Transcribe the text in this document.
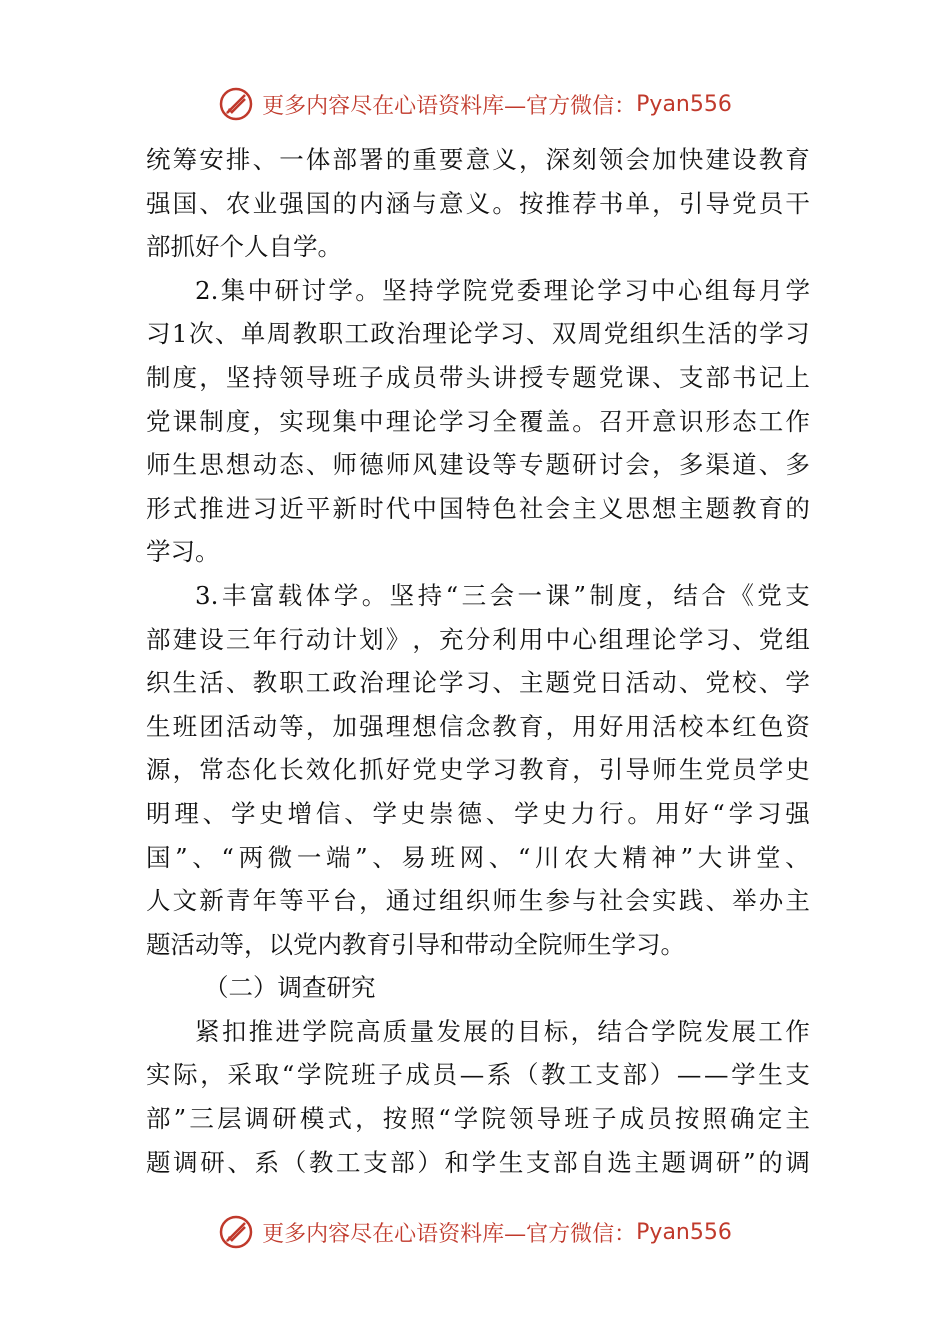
更多内容尽在心语资料库—官方微信： Pyan556
统 筹 安 排 、 一 体 部 署 的 重 要 意 义 ， 深 刻 领 会 加 快 建 设 教 育
强 国 、 农 业 强 国 的 内 涵 与 意 义 。 按 推 荐 书 单 ， 引 导 党 员 干
部抓好个人自学。
2. 集 中 研 讨 学 。 坚 持 学 院 党 委 理 论 学 习 中 心 组 每 月 学
习 1 次 、 单 周 教 职 工 政 治 理 论 学 习 、 双 周 党 组 织 生 活 的 学 习
制 度 ， 坚 持 领 导 班 子 成 员 带 头 讲 授 专 题 党 课 、 支 部 书 记 上
党 课 制 度 ， 实 现 集 中 理 论 学 习 全 覆 盖 。 召 开 意 识 形 态 工 作
师 生 思 想 动 态 、 师 德 师 风 建 设 等 专 题 研 讨 会 ， 多 渠 道 、 多
形 式 推 进 习 近 平 新 时 代 中 国 特 色 社 会 主 义 思 想 主 题 教 育 的
学习。
3. 丰 富 载 体 学 。 坚 持 “ 三 会 一 课 ” 制 度 ， 结 合 《 党 支
部 建 设 三 年 行 动 计 划 》 ， 充 分 利 用 中 心 组 理 论 学 习 、 党 组
织 生 活 、 教 职 工 政 治 理 论 学 习 、 主 题 党 日 活 动 、 党 校 、 学
生 班 团 活 动 等 ， 加 强 理 想 信 念 教 育 ， 用 好 用 活 校 本 红 色 资
源 ， 常 态 化 长 效 化 抓 好 党 史 学 习 教 育 ， 引 导 师 生 党 员 学 史
明 理 、 学 史 增 信 、 学 史 崇 德 、 学 史 力 行 。 用 好 “ 学 习 强
国 ” 、 “ 两 微 一 端 ” 、 易 班 网 、 “ 川 农 大 精 神 ” 大 讲 堂 、
人 文 新 青 年 等 平 台 ， 通 过 组 织 师 生 参 与 社 会 实 践 、 举 办 主
题活动等，以党内教育引导和带动全院师生学习。
（二）调查研究
紧 扣 推 进 学 院 高 质 量 发 展 的 目 标 ， 结 合 学 院 发 展 工 作
实 际 ， 采 取 “ 学 院 班 子 成 员 — 系 （ 教 工 支 部 ） — — 学 生 支
部 ” 三 层 调 研 模 式 ， 按 照 “ 学 院 领 导 班 子 成 员 按 照 确 定 主
题 调 研 、 系 （ 教 工 支 部 ） 和 学 生 支 部 自 选 主 题 调 研 ” 的 调
更多内容尽在心语资料库—官方微信： Pyan556
